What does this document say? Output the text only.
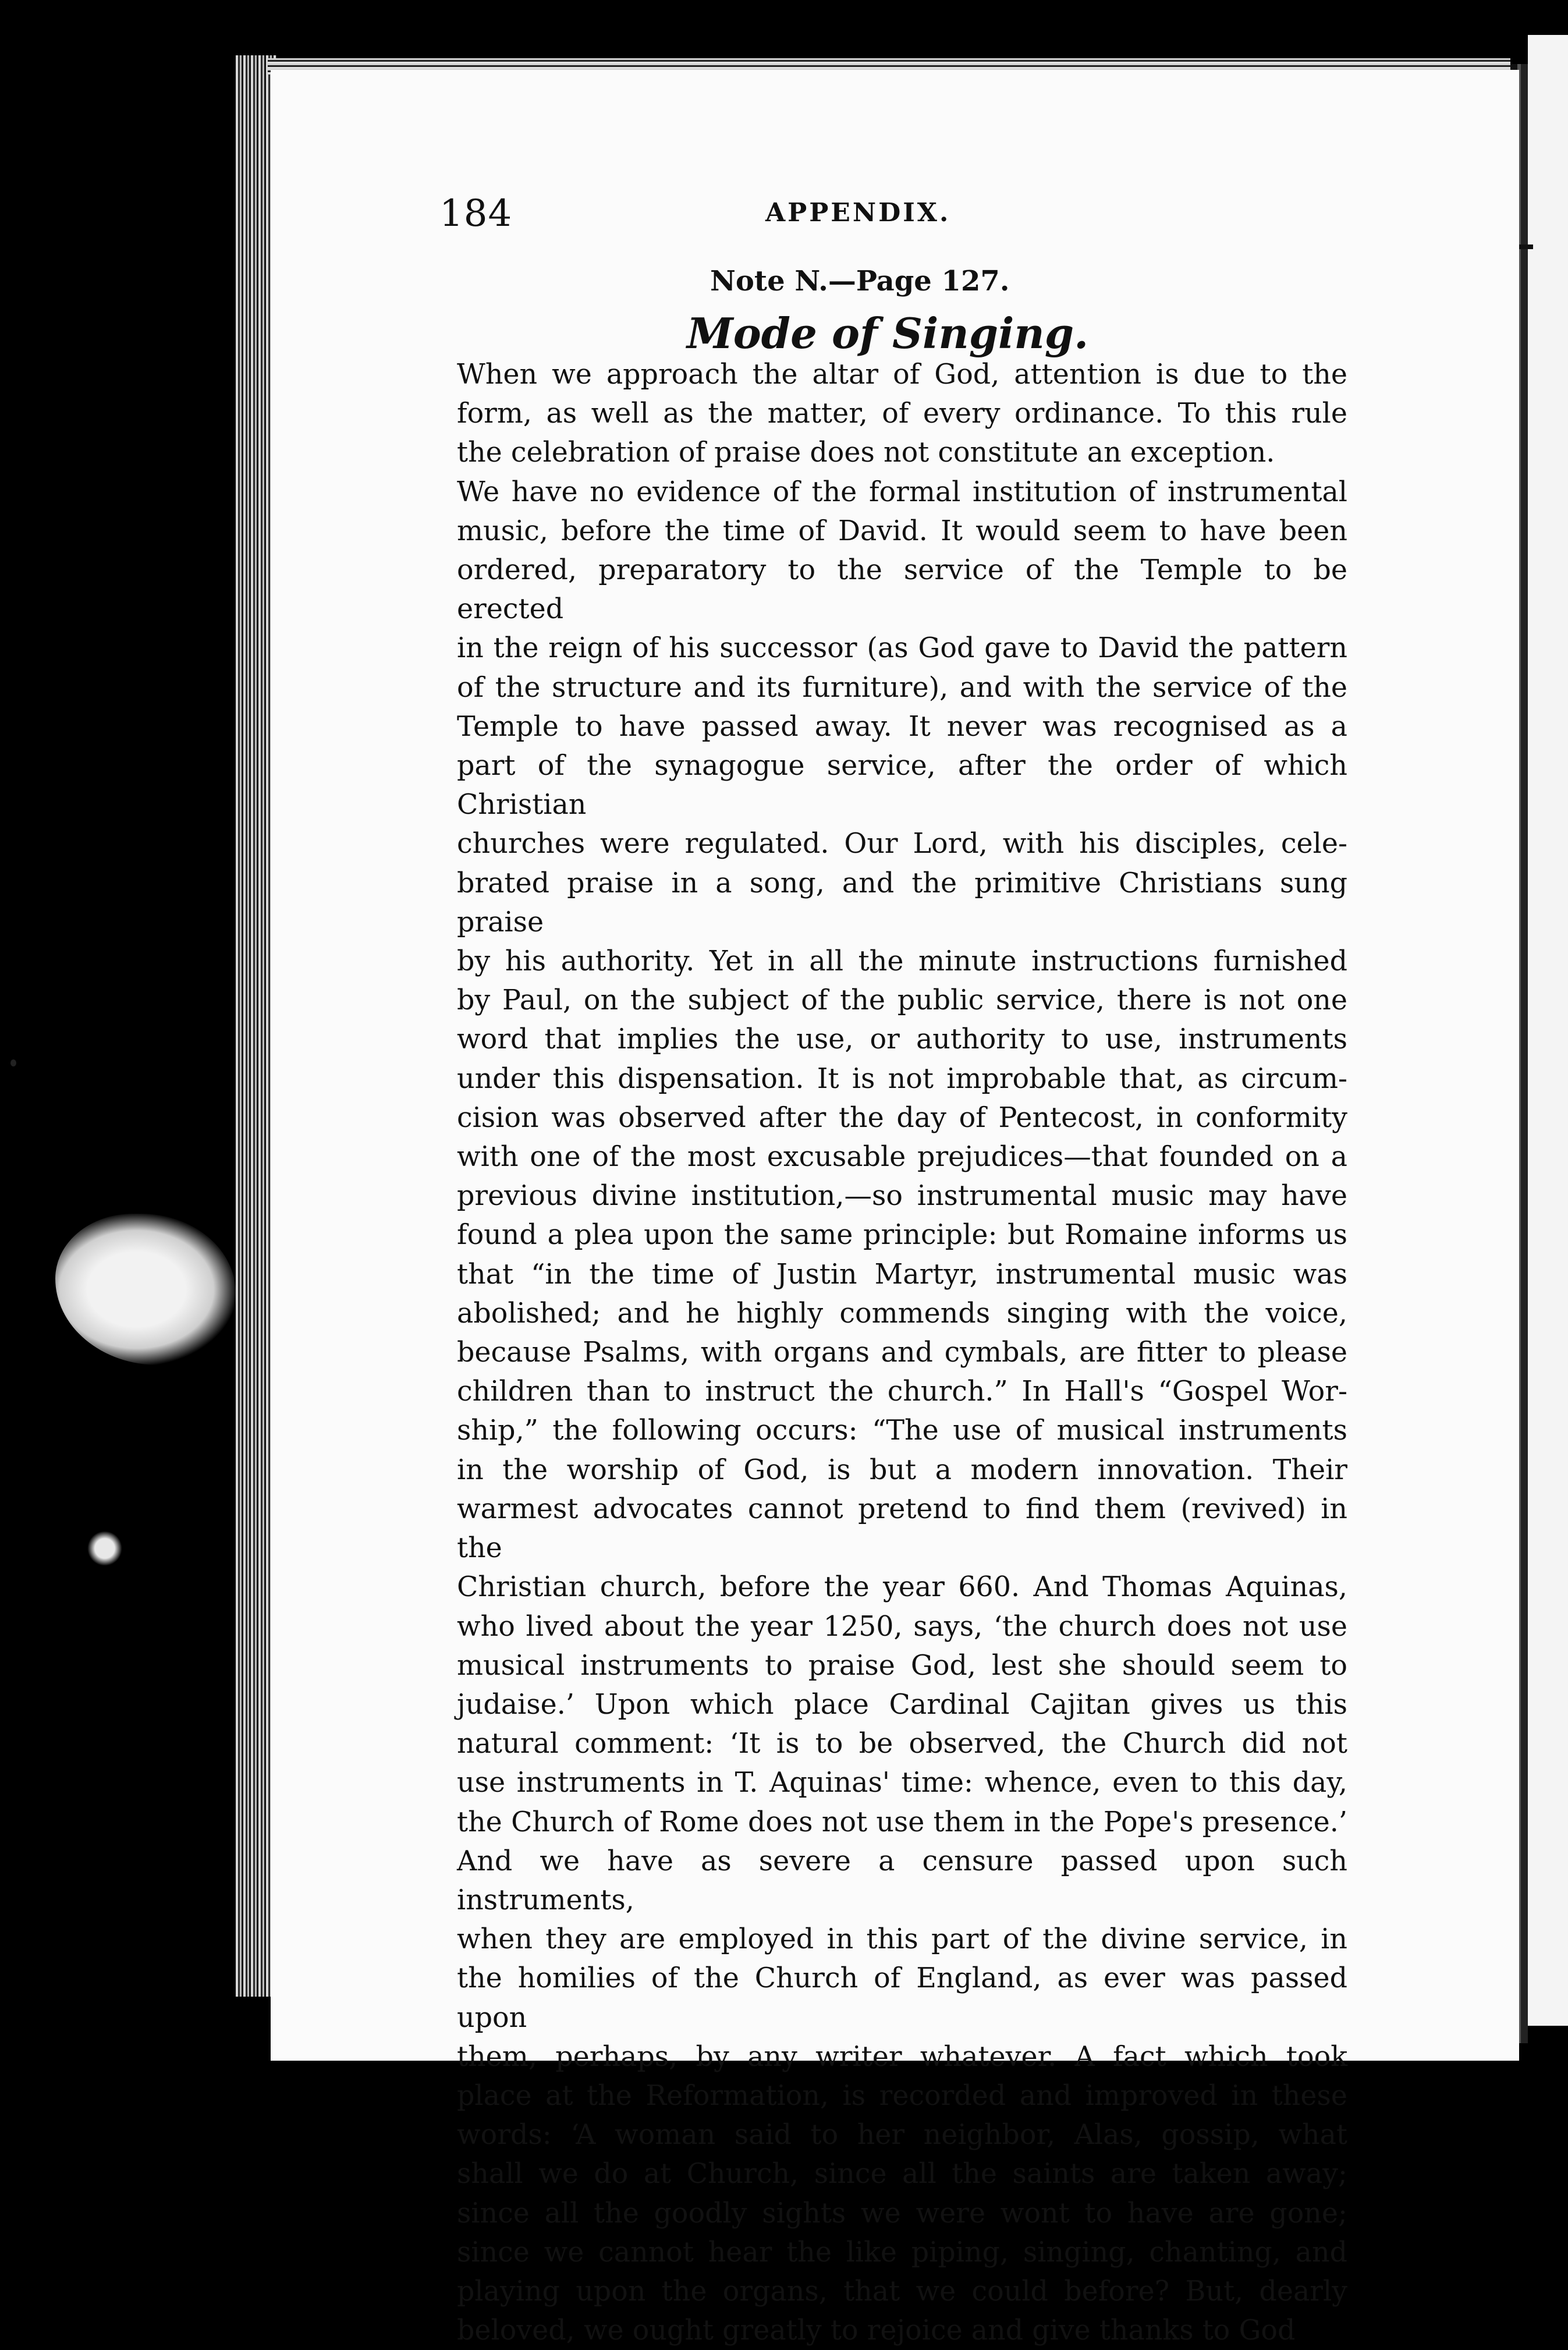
184	APPENDIX.
Note N.—Page 127.
Mode of Singing.

When we approach the altar of God, attention is due to the

form, as well as the matter, of every ordinance. To this rule

the celebration of praise does not constitute an exception.

We have no evidence of the formal institution of instrumental

music, before the time of David. It would seem to have been

ordered, preparatory to the service of the Temple to be erected

in the reign of his successor (as God gave to David the pattern

of the structure and its furniture), and with the service of the

Temple to have passed away. It never was recognised as a

part of the synagogue service, after the order of which Christian

churches were regulated. Our Lord, with his disciples, cele-

brated praise in a song, and the primitive Christians sung praise

by his authority. Yet in all the minute instructions furnished

by Paul, on the subject of the public service, there is not one

word that implies the use, or authority to use, instruments

under this dispensation. It is not improbable that, as circum-

cision was observed after the day of Pentecost, in conformity

with one of the most excusable prejudices—that founded on a

previous divine institution,—so instrumental music may have

found a plea upon the same principle: but Romaine informs us

that “in the time of Justin Martyr, instrumental music was

abolished; and he highly commends singing with the voice,

because Psalms, with organs and cymbals, are fitter to please

children than to instruct the church.” In Hall's “Gospel Wor-

ship,” the following occurs: “The use of musical instruments

in the worship of God, is but a modern innovation. Their

warmest advocates cannot pretend to find them (revived) in the

Christian church, before the year 660. And Thomas Aquinas,

who lived about the year 1250, says, ‘the church does not use

musical instruments to praise God, lest she should seem to

judaise.’ Upon which place Cardinal Cajitan gives us this

natural comment: ‘It is to be observed, the Church did not

use instruments in T. Aquinas' time: whence, even to this day,

the Church of Rome does not use them in the Pope's presence.’

And we have as severe a censure passed upon such instruments,

when they are employed in this part of the divine service, in

the homilies of the Church of England, as ever was passed upon

them, perhaps, by any writer whatever. A fact which took

place at the Reformation, is recorded and improved in these

words: ‘A woman said to her neighbor, Alas, gossip, what

shall we do at Church, since all the saints are taken away;

since all the goodly sights we were wont to have are gone;

since we cannot hear the like piping, singing, chanting, and

playing upon the organs, that we could before? But, dearly

beloved, we ought greatly to rejoice and give thanks to God
